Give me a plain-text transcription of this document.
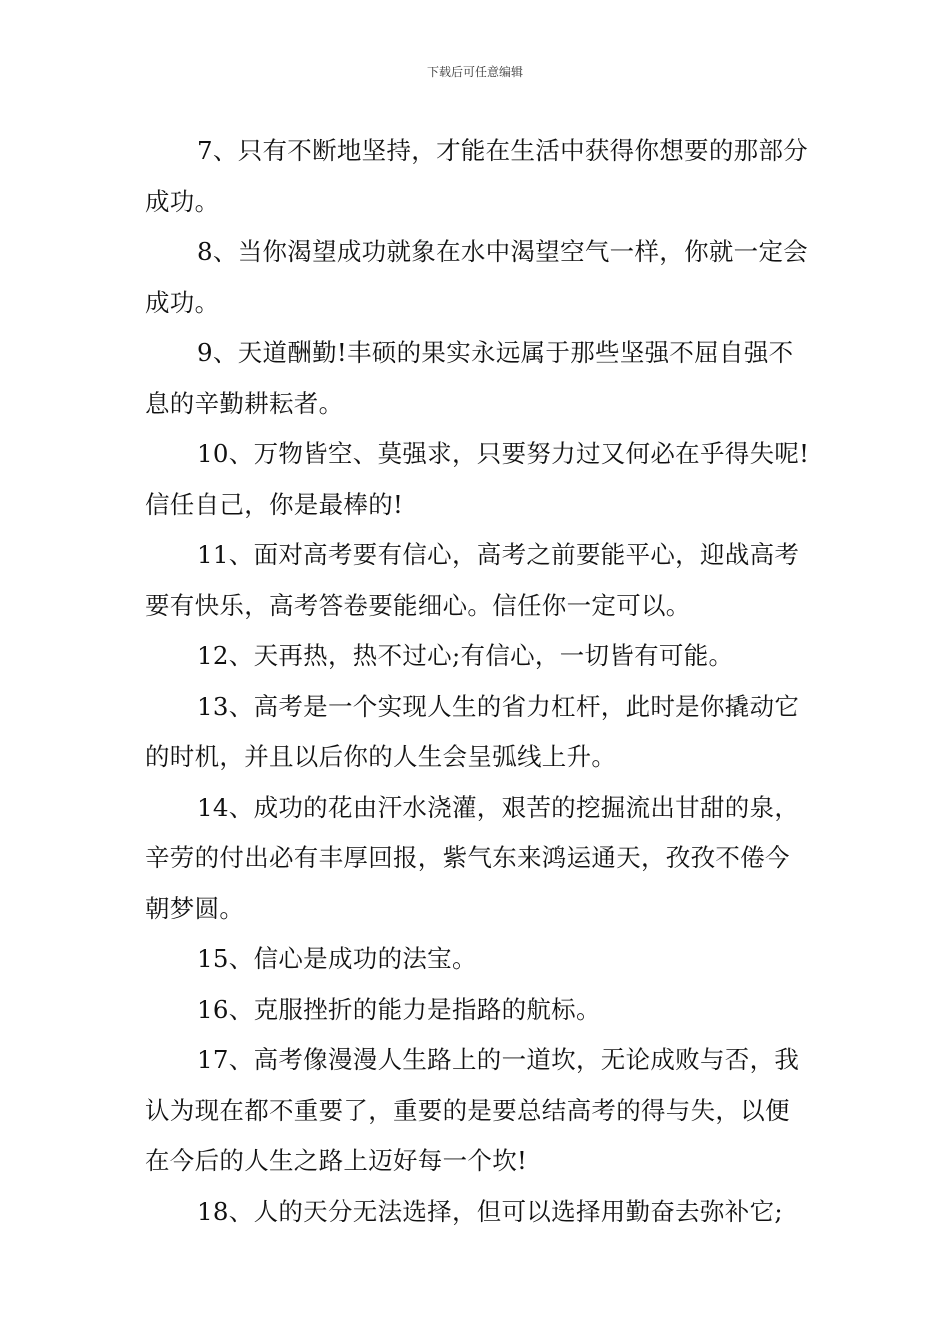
下载后可任意编辑

7、只有不断地坚持，才能在生活中获得你想要的那部分成功。

8、当你渴望成功就象在水中渴望空气一样，你就一定会成功。

9、天道酬勤!丰硕的果实永远属于那些坚强不屈自强不息的辛勤耕耘者。

10、万物皆空、莫强求，只要努力过又何必在乎得失呢!信任自己，你是最棒的!

11、面对高考要有信心，高考之前要能平心，迎战高考要有快乐，高考答卷要能细心。信任你一定可以。

12、天再热，热不过心;有信心，一切皆有可能。

13、高考是一个实现人生的省力杠杆，此时是你撬动它的时机，并且以后你的人生会呈弧线上升。

14、成功的花由汗水浇灌，艰苦的挖掘流出甘甜的泉，辛劳的付出必有丰厚回报，紫气东来鸿运通天，孜孜不倦今朝梦圆。

15、信心是成功的法宝。

16、克服挫折的能力是指路的航标。

17、高考像漫漫人生路上的一道坎，无论成败与否，我认为现在都不重要了，重要的是要总结高考的得与失，以便在今后的人生之路上迈好每一个坎!

18、人的天分无法选择，但可以选择用勤奋去弥补它;
